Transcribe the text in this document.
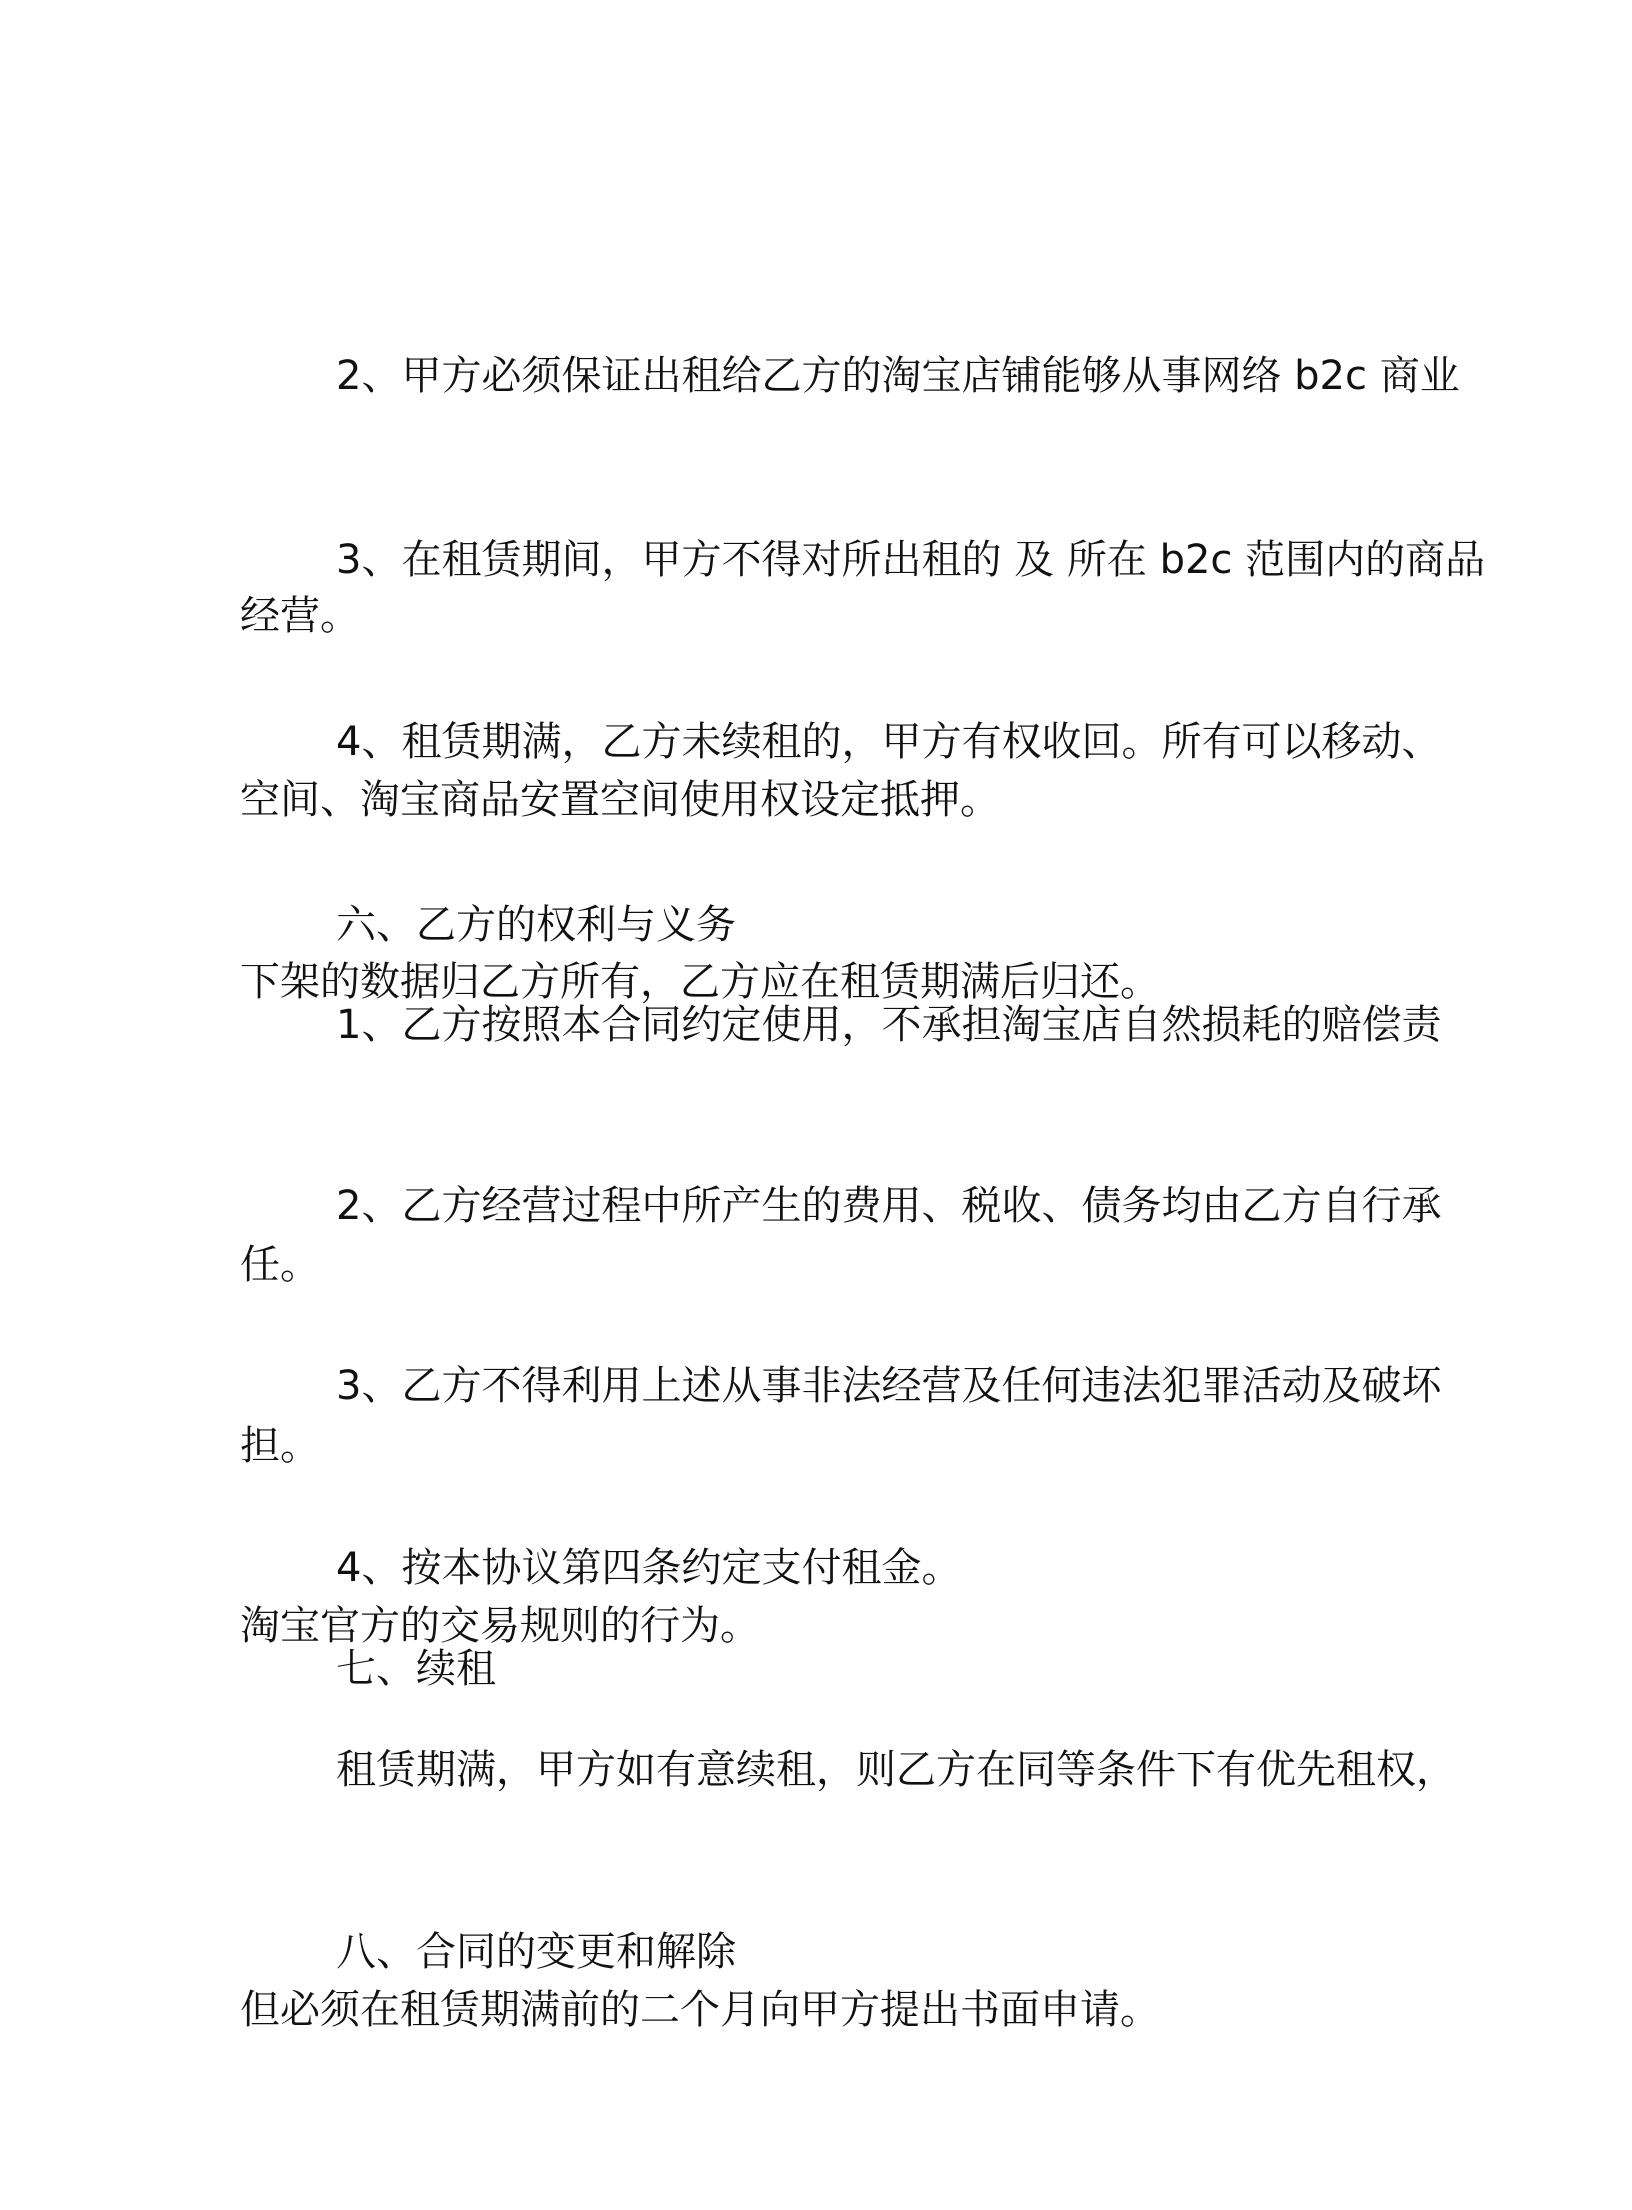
2、甲方必须保证出租给乙方的淘宝店铺能够从事网络 b2c 商业

经营。

3、在租赁期间，甲方不得对所出租的 及 所在 b2c 范围内的商品

空间、淘宝商品安置空间使用权设定抵押。

4、租赁期满，乙方未续租的，甲方有权收回。所有可以移动、

下架的数据归乙方所有，乙方应在租赁期满后归还。

六、乙方的权利与义务

1、乙方按照本合同约定使用，不承担淘宝店自然损耗的赔偿责

任。

2、乙方经营过程中所产生的费用、税收、债务均由乙方自行承

担。

3、乙方不得利用上述从事非法经营及任何违法犯罪活动及破坏

淘宝官方的交易规则的行为。

4、按本协议第四条约定支付租金。

七、续租

租赁期满，甲方如有意续租，则乙方在同等条件下有优先租权，

但必须在租赁期满前的二个月向甲方提出书面申请。

八、合同的变更和解除
